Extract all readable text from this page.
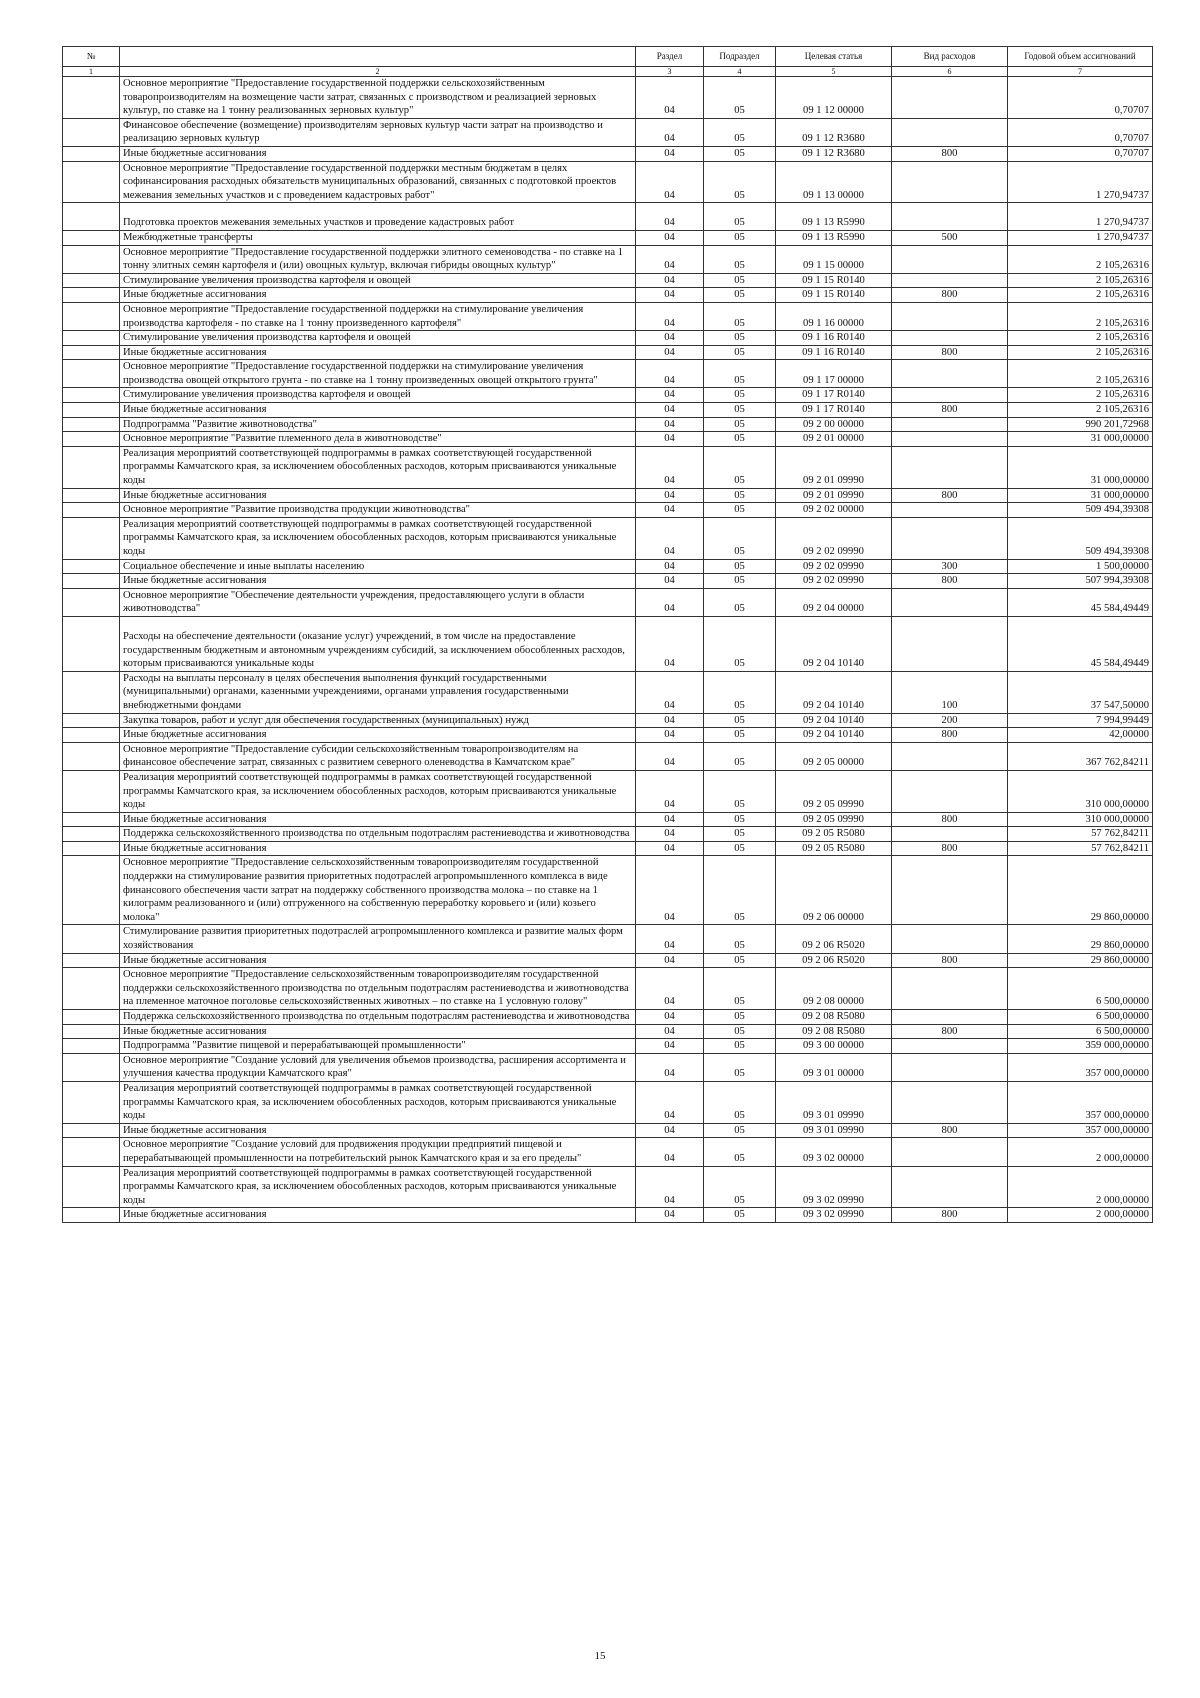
№		Раздел	Подраздел	Целевая статья	Вид расходов	Годовой объем ассигнований
1	2	3	4	5	6	7
	Основное мероприятие "Предоставление государственной поддержки сельскохозяйственным товаропроизводителям на возмещение части затрат, связанных с производством и реализацией зерновых культур, по ставке на 1 тонну реализованных зерновых культур"	04	05	09 1 12 00000		0,70707
	Финансовое обеспечение (возмещение) производителям зерновых культур части затрат на производство и реализацию зерновых культур	04	05	09 1 12 R3680		0,70707
	Иные бюджетные ассигнования	04	05	09 1 12 R3680	800	0,70707
	Основное мероприятие "Предоставление государственной поддержки местным бюджетам в целях софинансирования расходных обязательств муниципальных образований, связанных с подготовкой проектов межевания земельных участков и с проведением кадастровых работ"	04	05	09 1 13 00000		1 270,94737
	Подготовка проектов межевания земельных участков и проведение кадастровых работ	04	05	09 1 13 R5990		1 270,94737
	Межбюджетные трансферты	04	05	09 1 13 R5990	500	1 270,94737
	Основное мероприятие "Предоставление государственной поддержки элитного семеноводства - по ставке на 1 тонну элитных семян картофеля и (или) овощных культур, включая гибриды овощных культур"	04	05	09 1 15 00000		2 105,26316
	Стимулирование увеличения производства картофеля и овощей	04	05	09 1 15 R0140		2 105,26316
	Иные бюджетные ассигнования	04	05	09 1 15 R0140	800	2 105,26316
	Основное мероприятие "Предоставление государственной поддержки на стимулирование увеличения производства картофеля - по ставке на 1 тонну произведенного картофеля"	04	05	09 1 16 00000		2 105,26316
	Стимулирование увеличения производства картофеля и овощей	04	05	09 1 16 R0140		2 105,26316
	Иные бюджетные ассигнования	04	05	09 1 16 R0140	800	2 105,26316
	Основное мероприятие "Предоставление государственной поддержки на стимулирование увеличения производства овощей открытого грунта - по ставке на 1 тонну произведенных овощей открытого грунта"	04	05	09 1 17 00000		2 105,26316
	Стимулирование увеличения производства картофеля и овощей	04	05	09 1 17 R0140		2 105,26316
	Иные бюджетные ассигнования	04	05	09 1 17 R0140	800	2 105,26316
	Подпрограмма "Развитие животноводства"	04	05	09 2 00 00000		990 201,72968
	Основное мероприятие "Развитие племенного дела в животноводстве"	04	05	09 2 01 00000		31 000,00000
	Реализация мероприятий соответствующей подпрограммы в рамках соответствующей государственной программы Камчатского края, за исключением обособленных расходов, которым присваиваются уникальные коды	04	05	09 2 01 09990		31 000,00000
	Иные бюджетные ассигнования	04	05	09 2 01 09990	800	31 000,00000
	Основное мероприятие "Развитие производства продукции животноводства"	04	05	09 2 02 00000		509 494,39308
	Реализация мероприятий соответствующей подпрограммы в рамках соответствующей государственной программы Камчатского края, за исключением обособленных расходов, которым присваиваются уникальные коды	04	05	09 2 02 09990		509 494,39308
	Социальное обеспечение и иные выплаты населению	04	05	09 2 02 09990	300	1 500,00000
	Иные бюджетные ассигнования	04	05	09 2 02 09990	800	507 994,39308
	Основное мероприятие "Обеспечение деятельности учреждения, предоставляющего услуги в области животноводства"	04	05	09 2 04 00000		45 584,49449
	Расходы на обеспечение деятельности (оказание услуг) учреждений, в том числе на предоставление государственным бюджетным и автономным учреждениям субсидий, за исключением обособленных расходов, которым присваиваются уникальные коды	04	05	09 2 04 10140		45 584,49449
	Расходы на выплаты персоналу в целях обеспечения выполнения функций государственными (муниципальными) органами, казенными учреждениями, органами управления государственными внебюджетными фондами	04	05	09 2 04 10140	100	37 547,50000
	Закупка товаров, работ и услуг для обеспечения государственных (муниципальных) нужд	04	05	09 2 04 10140	200	7 994,99449
	Иные бюджетные ассигнования	04	05	09 2 04 10140	800	42,00000
	Основное мероприятие "Предоставление субсидии сельскохозяйственным товаропроизводителям на финансовое обеспечение затрат, связанных с развитием северного оленеводства в Камчатском крае"	04	05	09 2 05 00000		367 762,84211
	Реализация мероприятий соответствующей подпрограммы в рамках соответствующей государственной программы Камчатского края, за исключением обособленных расходов, которым присваиваются уникальные коды	04	05	09 2 05 09990		310 000,00000
	Иные бюджетные ассигнования	04	05	09 2 05 09990	800	310 000,00000
	Поддержка сельскохозяйственного производства по отдельным подотраслям растениеводства и животноводства	04	05	09 2 05 R5080		57 762,84211
	Иные бюджетные ассигнования	04	05	09 2 05 R5080	800	57 762,84211
	Основное мероприятие "Предоставление сельскохозяйственным товаропроизводителям государственной поддержки на стимулирование развития приоритетных подотраслей агропромышленного комплекса в виде финансового обеспечения части затрат на поддержку собственного производства молока – по ставке на 1 килограмм реализованного и (или) отгруженного на собственную переработку коровьего и (или) козьего молока"	04	05	09 2 06 00000		29 860,00000
	Стимулирование развития приоритетных подотраслей агропромышленного комплекса и развитие малых форм хозяйствования	04	05	09 2 06 R5020		29 860,00000
	Иные бюджетные ассигнования	04	05	09 2 06 R5020	800	29 860,00000
	Основное мероприятие "Предоставление сельскохозяйственным товаропроизводителям государственной поддержки сельскохозяйственного производства по отдельным подотраслям растениеводства и животноводства на племенное маточное поголовье сельскохозяйственных животных – по ставке на 1 условную голову"	04	05	09 2 08 00000		6 500,00000
	Поддержка сельскохозяйственного производства по отдельным подотраслям растениеводства и животноводства	04	05	09 2 08 R5080		6 500,00000
	Иные бюджетные ассигнования	04	05	09 2 08 R5080	800	6 500,00000
	Подпрограмма "Развитие пищевой и перерабатывающей промышленности"	04	05	09 3 00 00000		359 000,00000
	Основное мероприятие "Создание условий для увеличения объемов производства, расширения ассортимента и улучшения качества продукции Камчатского края"	04	05	09 3 01 00000		357 000,00000
	Реализация мероприятий соответствующей подпрограммы в рамках соответствующей государственной программы Камчатского края, за исключением обособленных расходов, которым присваиваются уникальные коды	04	05	09 3 01 09990		357 000,00000
	Иные бюджетные ассигнования	04	05	09 3 01 09990	800	357 000,00000
	Основное мероприятие "Создание условий для продвижения продукции предприятий пищевой и перерабатывающей промышленности на потребительский рынок Камчатского края и за его пределы"	04	05	09 3 02 00000		2 000,00000
	Реализация мероприятий соответствующей подпрограммы в рамках соответствующей государственной программы Камчатского края, за исключением обособленных расходов, которым присваиваются уникальные коды	04	05	09 3 02 09990		2 000,00000
	Иные бюджетные ассигнования	04	05	09 3 02 09990	800	2 000,00000
15
